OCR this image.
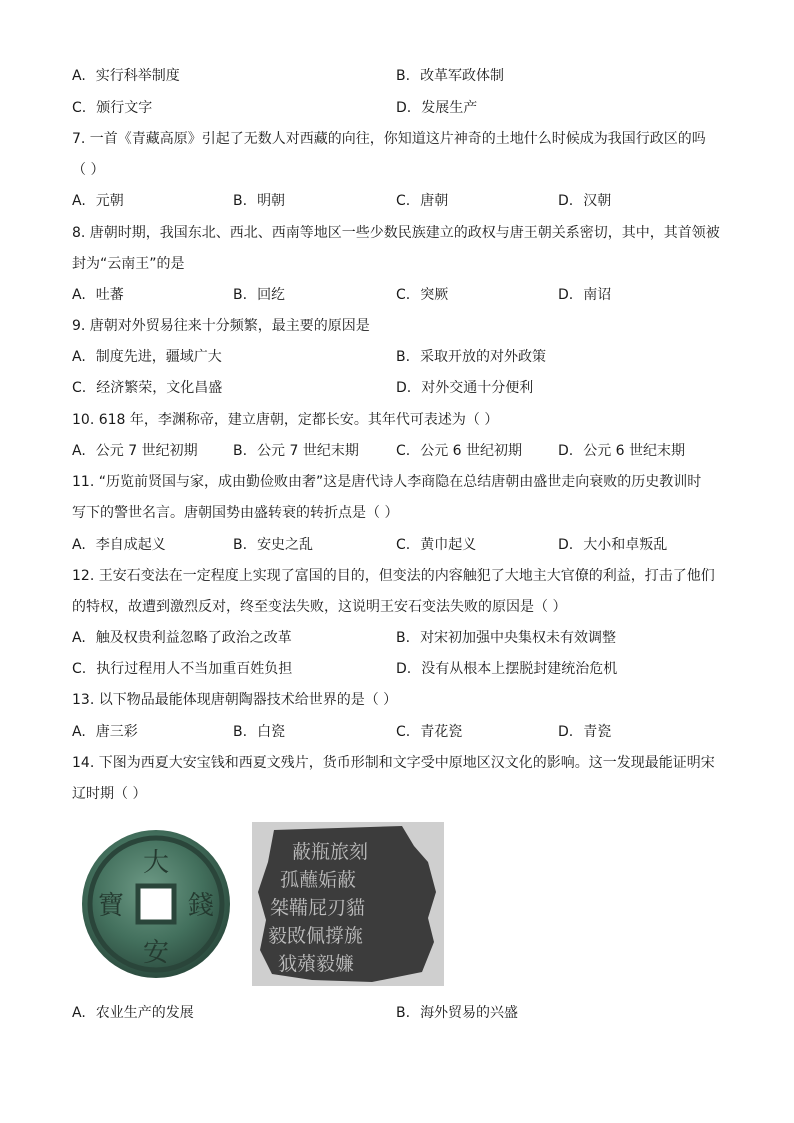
A. 实行科举制度	B. 改革军政体制
C. 颁行文字	D. 发展生产
7. 一首《青藏高原》引起了无数人对西藏的向往，你知道这片神奇的土地什么时候成为我国行政区的吗
（ ）
A. 元朝	B. 明朝	C. 唐朝	D. 汉朝
8. 唐朝时期，我国东北、西北、西南等地区一些少数民族建立的政权与唐王朝关系密切，其中，其首领被
封为“云南王”的是
A. 吐蕃	B. 回纥	C. 突厥	D. 南诏
9. 唐朝对外贸易往来十分频繁，最主要的原因是
A. 制度先进，疆域广大	B. 采取开放的对外政策
C. 经济繁荣，文化昌盛	D. 对外交通十分便利
10. 618 年，李渊称帝，建立唐朝，定都长安。其年代可表述为（ ）
A. 公元 7 世纪初期	B. 公元 7 世纪末期	C. 公元 6 世纪初期	D. 公元 6 世纪末期
11. “历览前贤国与家，成由勤俭败由奢”这是唐代诗人李商隐在总结唐朝由盛世走向衰败的历史教训时
写下的警世名言。唐朝国势由盛转衰的转折点是（ ）
A. 李自成起义	B. 安史之乱	C. 黄巾起义	D. 大小和卓叛乱
12. 王安石变法在一定程度上实现了富国的目的，但变法的内容触犯了大地主大官僚的利益，打击了他们
的特权，故遭到激烈反对，终至变法失败，这说明王安石变法失败的原因是（ ）
A. 触及权贵利益忽略了政治之改革	B. 对宋初加强中央集权未有效调整
C. 执行过程用人不当加重百姓负担	D. 没有从根本上摆脱封建统治危机
13. 以下物品最能体现唐朝陶器技术给世界的是（ ）
A. 唐三彩	B. 白瓷	C. 青花瓷	D. 青瓷
14. 下图为西夏大安宝钱和西夏文残片，货币形制和文字受中原地区汉文化的影响。这一发现最能证明宋
辽时期（ ）
大
安
寶 錢
蔽瓶旅刻
孤蘸姤蔽
桀鞴屁刃貓
毅敃佩撐旐
狘薞毅嬚
A. 农业生产的发展	B. 海外贸易的兴盛
